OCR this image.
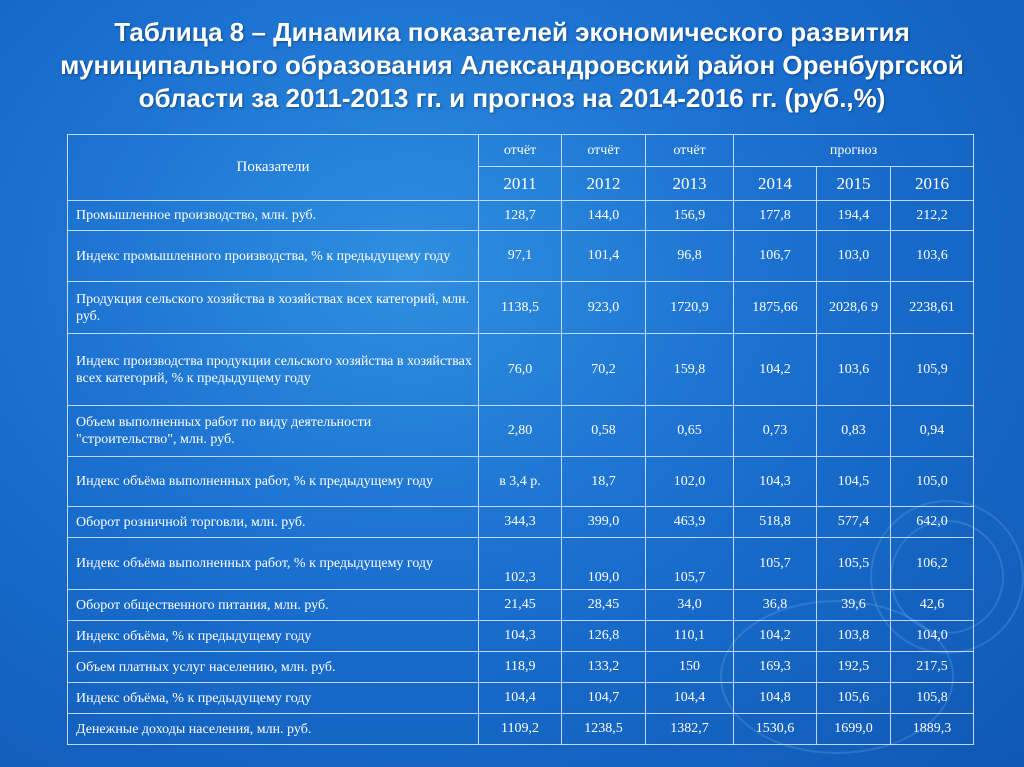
Таблица 8 – Динамика показателей экономического развития
муниципального образования Александровский район Оренбургской
области за 2011-2013 гг. и прогноз на 2014-2016 гг. (руб.,%)
Показатели	отчёт	отчёт	отчёт	прогноз		
	2011	2012	2013	2014	2015	2016
Промышленное производство, млн. руб.	128,7	144,0	156,9	177,8	194,4	212,2
Индекс промышленного производства, % к предыдущему году	97,1	101,4	96,8	106,7	103,0	103,6
Продукция сельского хозяйства в хозяйствах всех категорий, млн. руб.	1138,5	923,0	1720,9	1875,66	2028,6 9	2238,61
Индекс производства продукции сельского хозяйства в хозяйствах всех категорий, % к предыдущему году	76,0	70,2	159,8	104,2	103,6	105,9
Объем выполненных работ по виду деятельности "строительство", млн. руб.	2,80	0,58	0,65	0,73	0,83	0,94
Индекс объёма выполненных работ, % к предыдущему году	в 3,4 р.	18,7	102,0	104,3	104,5	105,0
Оборот розничной торговли, млн. руб.	344,3	399,0	463,9	518,8	577,4	642,0
Индекс объёма выполненных работ, % к предыдущему году	102,3	109,0	105,7	105,7	105,5	106,2
Оборот общественного питания, млн. руб.	21,45	28,45	34,0	36,8	39,6	42,6
Индекс объёма, % к предыдущему году	104,3	126,8	110,1	104,2	103,8	104,0
Объем платных услуг населению, млн. руб.	118,9	133,2	150	169,3	192,5	217,5
Индекс объёма, % к предыдущему году	104,4	104,7	104,4	104,8	105,6	105,8
Денежные доходы населения, млн. руб.	1109,2	1238,5	1382,7	1530,6	1699,0	1889,3
